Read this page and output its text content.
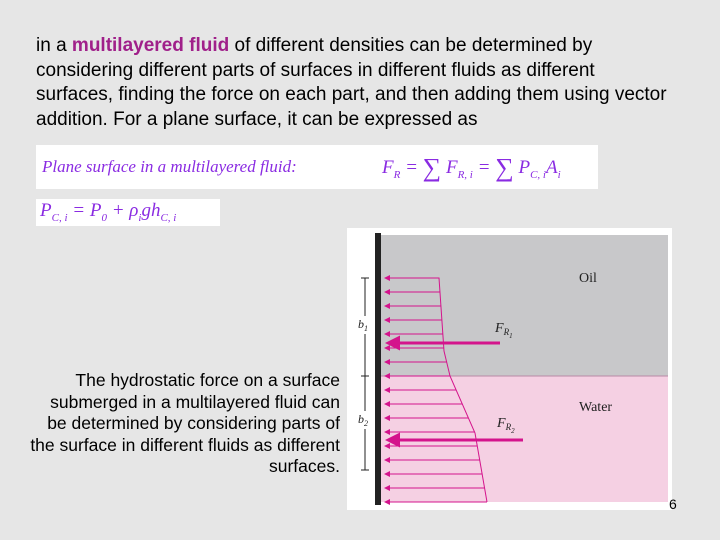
in a multilayered fluid of different densities can be determined by considering different parts of surfaces in different fluids as different surfaces, finding the force on each part, and then adding them using vector addition. For a plane surface, it can be expressed as
Plane surface in a multilayered fluid:	$F_R$ = ∑ $F_{R, i}$ = ∑ $P_{C, i}A_i$
$P_{C, i} = P_0 + \rho_igh_{C, i}$
The hydrostatic force on a surface submerged in a multilayered fluid can be determined by considering parts of the surface in different fluids as different surfaces.
$b_1$
$b_2$
Oil
Water
$F_{R1}$
$F_{R2}$
6
